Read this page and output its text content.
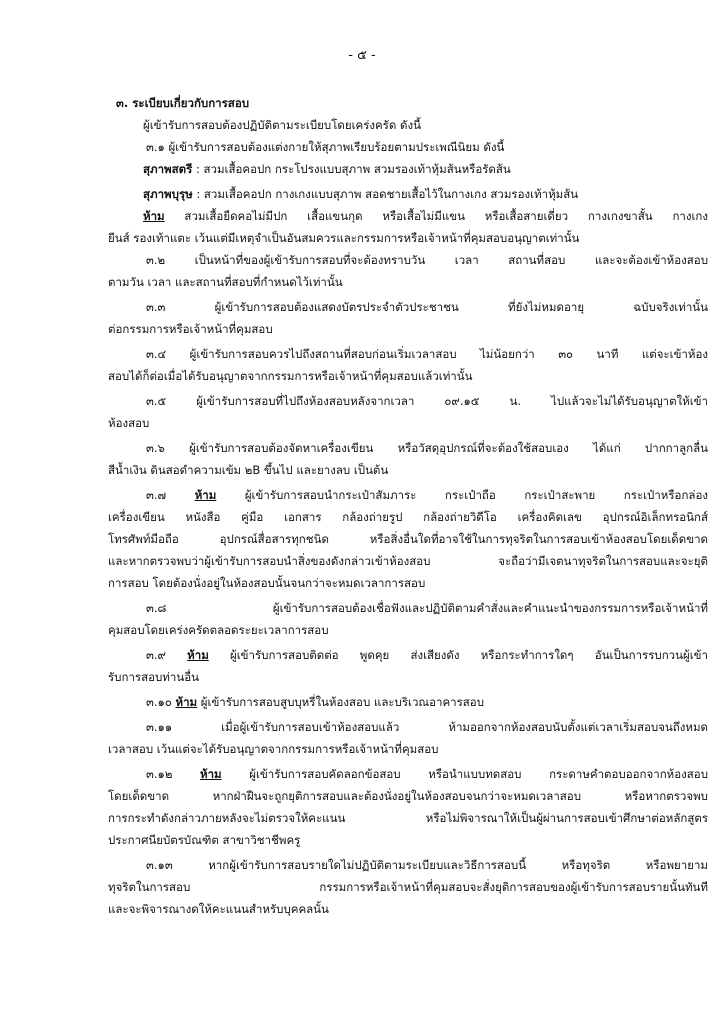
- ๕ -
๓. ระเบียบเกี่ยวกับการสอบ
ผู้เข้ารับการสอบต้องปฏิบัติตามระเบียบโดยเคร่งครัด ดังนี้
๓.๑ ผู้เข้ารับการสอบต้องแต่งกายให้สุภาพเรียบร้อยตามประเพณีนิยม ดังนี้
สุภาพสตรี : สวมเสื้อคอปก กระโปรงแบบสุภาพ สวมรองเท้าหุ้มส้นหรือรัดส้น
สุภาพบุรุษ : สวมเสื้อคอปก กางเกงแบบสุภาพ สอดชายเสื้อไว้ในกางเกง สวมรองเท้าหุ้มส้น
ห้าม สวมเสื้อยืดคอไม่มีปก เสื้อแขนกุด หรือเสื้อไม่มีแขน หรือเสื้อสายเดี่ยว กางเกงขาสั้น กางเกง
ยีนส์ รองเท้าแตะ เว้นแต่มีเหตุจำเป็นอันสมควรและกรรมการหรือเจ้าหน้าที่คุมสอบอนุญาตเท่านั้น
๓.๒ เป็นหน้าที่ของผู้เข้ารับการสอบที่จะต้องทราบวัน เวลา สถานที่สอบ และจะต้องเข้าห้องสอบ
ตามวัน เวลา และสถานที่สอบที่กำหนดไว้เท่านั้น
๓.๓ ผู้เข้ารับการสอบต้องแสดงบัตรประจำตัวประชาชน ที่ยังไม่หมดอายุ ฉบับจริงเท่านั้น
ต่อกรรมการหรือเจ้าหน้าที่คุมสอบ
๓.๔ ผู้เข้ารับการสอบควรไปถึงสถานที่สอบก่อนเริ่มเวลาสอบ ไม่น้อยกว่า ๓๐ นาที แต่จะเข้าห้อง
สอบได้ก็ต่อเมื่อได้รับอนุญาตจากกรรมการหรือเจ้าหน้าที่คุมสอบแล้วเท่านั้น
๓.๕ ผู้เข้ารับการสอบที่ไปถึงห้องสอบหลังจากเวลา ๐๙.๑๕ น. ไปแล้วจะไม่ได้รับอนุญาตให้เข้า
ห้องสอบ
๓.๖ ผู้เข้ารับการสอบต้องจัดหาเครื่องเขียน หรือวัสดุอุปกรณ์ที่จะต้องใช้สอบเอง ได้แก่ ปากกาลูกลื่น
สีน้ำเงิน ดินสอดำความเข้ม ๒B ขึ้นไป และยางลบ เป็นต้น
๓.๗ ห้าม ผู้เข้ารับการสอบนำกระเป๋าสัมภาระ กระเป๋าถือ กระเป๋าสะพาย กระเป๋าหรือกล่อง
เครื่องเขียน หนังสือ คู่มือ เอกสาร กล้องถ่ายรูป กล้องถ่ายวิดีโอ เครื่องคิดเลข อุปกรณ์อิเล็กทรอนิกส์
โทรศัพท์มือถือ อุปกรณ์สื่อสารทุกชนิด หรือสิ่งอื่นใดที่อาจใช้ในการทุจริตในการสอบเข้าห้องสอบโดยเด็ดขาด
และหากตรวจพบว่าผู้เข้ารับการสอบนำสิ่งของดังกล่าวเข้าห้องสอบ จะถือว่ามีเจตนาทุจริตในการสอบและจะยุติ
การสอบ โดยต้องนั่งอยู่ในห้องสอบนั้นจนกว่าจะหมดเวลาการสอบ
๓.๘ ผู้เข้ารับการสอบต้องเชื่อฟังและปฏิบัติตามคำสั่งและคำแนะนำของกรรมการหรือเจ้าหน้าที่
คุมสอบโดยเคร่งครัดตลอดระยะเวลาการสอบ
๓.๙ ห้าม ผู้เข้ารับการสอบติดต่อ พูดคุย ส่งเสียงดัง หรือกระทำการใดๆ อันเป็นการรบกวนผู้เข้า
รับการสอบท่านอื่น
๓.๑๐ ห้าม ผู้เข้ารับการสอบสูบบุหรี่ในห้องสอบ และบริเวณอาคารสอบ
๓.๑๑ เมื่อผู้เข้ารับการสอบเข้าห้องสอบแล้ว ห้ามออกจากห้องสอบนับตั้งแต่เวลาเริ่มสอบจนถึงหมด
เวลาสอบ เว้นแต่จะได้รับอนุญาตจากกรรมการหรือเจ้าหน้าที่คุมสอบ
๓.๑๒ ห้าม ผู้เข้ารับการสอบคัดลอกข้อสอบ หรือนำแบบทดสอบ กระดาษคำตอบออกจากห้องสอบ
โดยเด็ดขาด หากฝ่าฝืนจะถูกยุติการสอบและต้องนั่งอยู่ในห้องสอบจนกว่าจะหมดเวลาสอบ หรือหากตรวจพบ
การกระทำดังกล่าวภายหลังจะไม่ตรวจให้คะแนน หรือไม่พิจารณาให้เป็นผู้ผ่านการสอบเข้าศึกษาต่อหลักสูตร
ประกาศนียบัตรบัณฑิต สาขาวิชาชีพครู
๓.๑๓ หากผู้เข้ารับการสอบรายใดไม่ปฏิบัติตามระเบียบและวิธีการสอบนี้ หรือทุจริต หรือพยายาม
ทุจริตในการสอบ กรรมการหรือเจ้าหน้าที่คุมสอบจะสั่งยุติการสอบของผู้เข้ารับการสอบรายนั้นทันที
และจะพิจารณางดให้คะแนนสำหรับบุคคลนั้น
